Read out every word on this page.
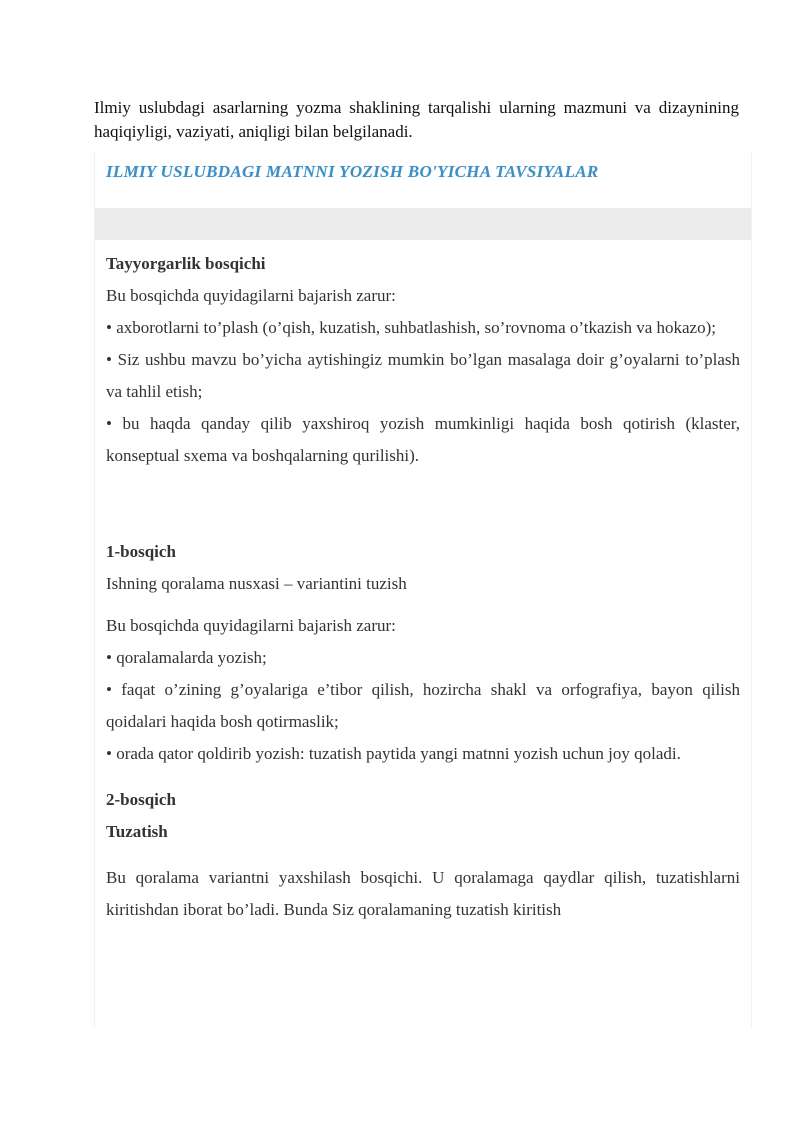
Ilmiy uslubdagi asarlarning yozma shaklining tarqalishi ularning mazmuni va dizaynining haqiqiyligi, vaziyati, aniqligi bilan belgilanadi.

ILMIY USLUBDAGI MATNNI YOZISH BO'YICHA TAVSIYALAR

Tayyorgarlik bosqichi

Bu bosqichda quyidagilarni bajarish zarur:

• axborotlarni to’plash (o’qish, kuzatish, suhbatlashish, so’rovnoma o’tkazish va hokazo);

• Siz ushbu mavzu bo’yicha aytishingiz mumkin bo’lgan masalaga doir g’oyalarni to’plash va tahlil etish;

• bu haqda qanday qilib yaxshiroq yozish mumkinligi haqida bosh qotirish (klaster, konseptual sxema va boshqalarning qurilishi).

1-bosqich

Ishning qoralama nusxasi – variantini tuzish

Bu bosqichda quyidagilarni bajarish zarur:

• qoralamalarda yozish;

• faqat o’zining g’oyalariga e’tibor qilish, hozircha shakl va orfografiya, bayon qilish qoidalari haqida bosh qotirmaslik;

• orada qator qoldirib yozish: tuzatish paytida yangi matnni yozish uchun joy qoladi.

2-bosqich

Tuzatish

Bu qoralama variantni yaxshilash bosqichi. U qoralamaga qaydlar qilish, tuzatishlarni kiritishdan iborat bo’ladi. Bunda Siz qoralamaning tuzatish kiritish
